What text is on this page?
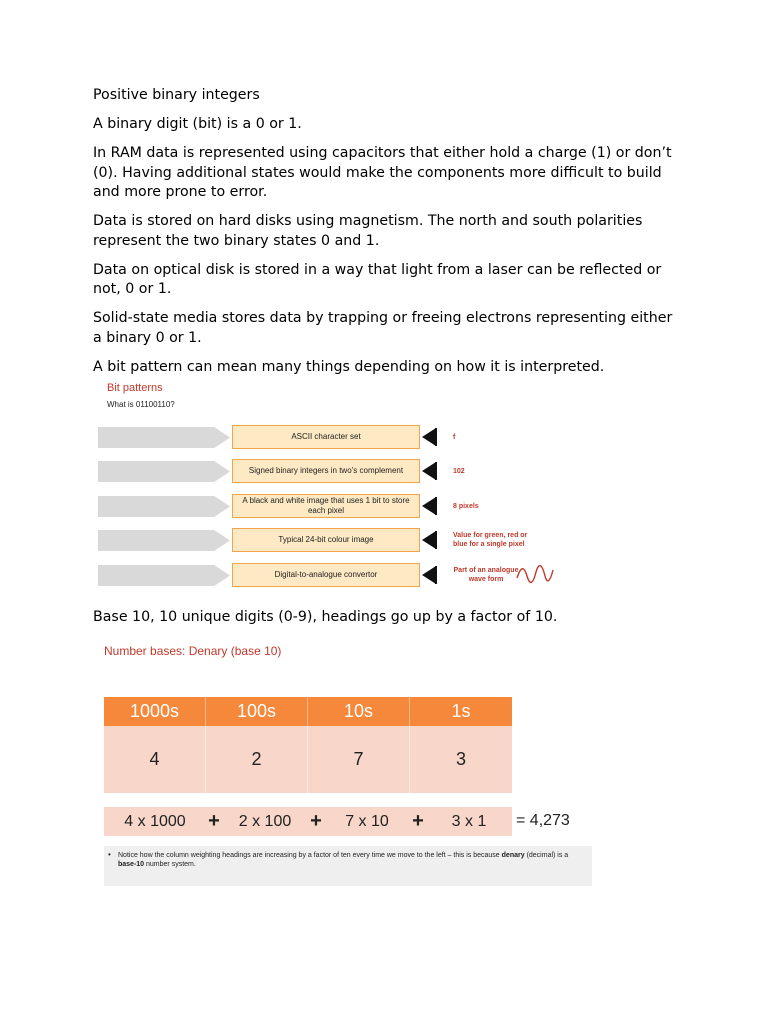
Positive binary integers

A binary digit (bit) is a 0 or 1.

In RAM data is represented using capacitors that either hold a charge (1) or don’t (0). Having additional states would make the components more difficult to build and more prone to error.

Data is stored on hard disks using magnetism. The north and south polarities represent the two binary states 0 and 1.

Data on optical disk is stored in a way that light from a laser can be reflected or not, 0 or 1.

Solid-state media stores data by trapping or freeing electrons representing either a binary 0 or 1.

A bit pattern can mean many things depending on how it is interpreted.

Bit patterns
What is 01100110?
ASCII character set	f
Signed binary integers in two’s complement	102
A black and white image that uses 1 bit to store each pixel	8 pixels
Typical 24-bit colour image	Value for green, red or blue for a single pixel
Digital-to-analogue convertor	Part of an analogue wave form

Base 10, 10 unique digits (0-9), headings go up by a factor of 10.

Number bases: Denary (base 10)
1000s	100s	10s	1s
4	2	7	3
4 x 1000	+	2 x 100 +	7 x 10	+	3 x 1	= 4,273
• Notice how the column weighting headings are increasing by a factor of ten every time we move to the left – this is because denary (decimal) is a base-10 number system.
